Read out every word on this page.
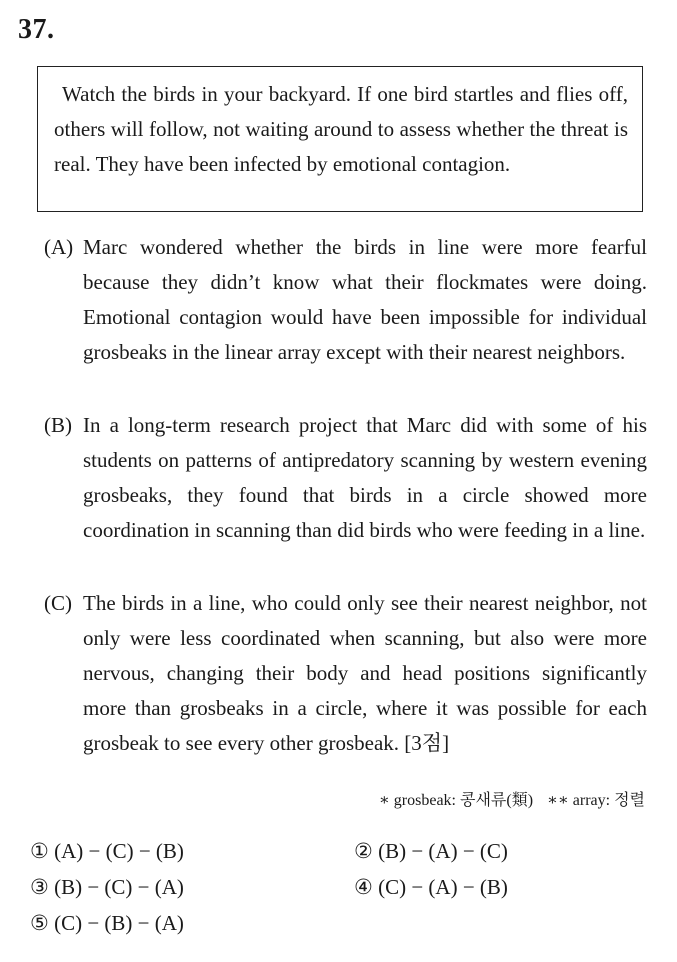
37.

Watch the birds in your backyard. If one bird startles and flies off, others will follow, not waiting around to assess whether the threat is real. They have been infected by emotional contagion.

(A) Marc wondered whether the birds in line were more fearful because they didn’t know what their flockmates were doing. Emotional contagion would have been impossible for individual grosbeaks in the linear array except with their nearest neighbors.
(B) In a long-term research project that Marc did with some of his students on patterns of antipredatory scanning by western evening grosbeaks, they found that birds in a circle showed more coordination in scanning than did birds who were feeding in a line.
(C) The birds in a line, who could only see their nearest neighbor, not only were less coordinated when scanning, but also were more nervous, changing their body and head positions significantly more than grosbeaks in a circle, where it was possible for each grosbeak to see every other grosbeak. [3점]
∗ grosbeak: 콩새류(類) ∗∗ array: 정렬
① (A) − (C) − (B)	② (B) − (A) − (C)
③ (B) − (C) − (A)	④ (C) − (A) − (B)
⑤ (C) − (B) − (A)
